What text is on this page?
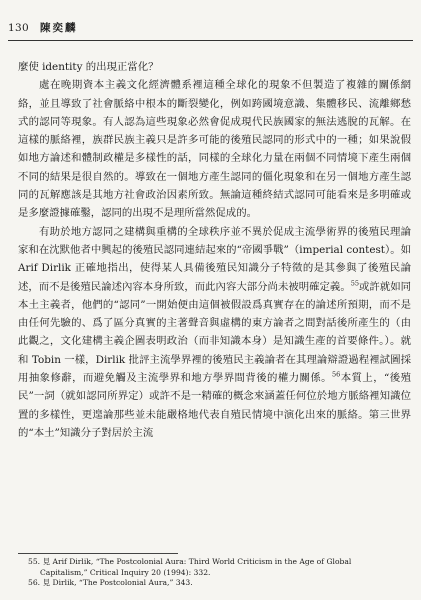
130 陳奕麟

麼使 identity 的出現正當化？

處在晚期資本主義文化經濟體系裡這種全球化的現象不但製造了複雜的關係網絡，並且導致了社會脈絡中根本的斷裂變化，例如跨國境意識、集體移民、流離鄉愁式的認同等現象。有人認為這些現象必然會促成現代民族國家的無法逃脫的瓦解。在這樣的脈絡裡，族群民族主義只是許多可能的後殖民認同的形式中的一種；如果說假如地方論述和體制政權是多樣性的話，同樣的全球化力量在兩個不同情境下產生兩個不同的結果是很自然的。導致在一個地方產生認同的僵化現象和在另一個地方產生認同的瓦解應該是其地方社會政治因素所致。無論這種終結式認同可能看來是多明確或是多麼證據確鑿，認同的出現不是理所當然促成的。

有助於地方認同之建構與重構的全球秩序並不異於促成主流學術界的後殖民理論家和在沈默他者中興起的後殖民認同連結起來的“帝國爭戰”（imperial contest）。如 Arif Dirlik 正確地指出，使得某人具備後殖民知識分子特徵的是其參與了後殖民論述，而不是後殖民論述內容本身所致，而此內容大部分尚未被明確定義。$^{55}$或許就如同本土主義者，他們的“認同”一開始便由這個被假設爲真實存在的論述所預期，而不是由任何先驗的、爲了區分真實的主著聲音與虛構的東方論者之間對話後所產生的（由此觀之，文化建構主義企圖表明政治（而非知識本身）是知識生產的首要條件。）。就和 Tobin 一樣，Dirlik 批評主流學界裡的後殖民主義論者在其理論辯證過程裡試圖採用抽象修辭，而避免觸及主流學界和地方學界間背後的權力關係。$^{56}$本質上，“後殖民”一詞（就如認同所界定）或許不是一精確的概念來涵蓋任何位於地方脈絡裡知識位置的多樣性，更遑論那些並未能嚴格地代表自殖民情境中演化出來的脈絡。第三世界的“本土”知識分子對居於主流

55. 見 Arif Dirlik, “The Postcolonial Aura: Third World Criticism in the Age of Global

Capitalism,” Critical Inquiry 20 (1994): 332.

56. 見 Dirlik, “The Postcolonial Aura,” 343.
